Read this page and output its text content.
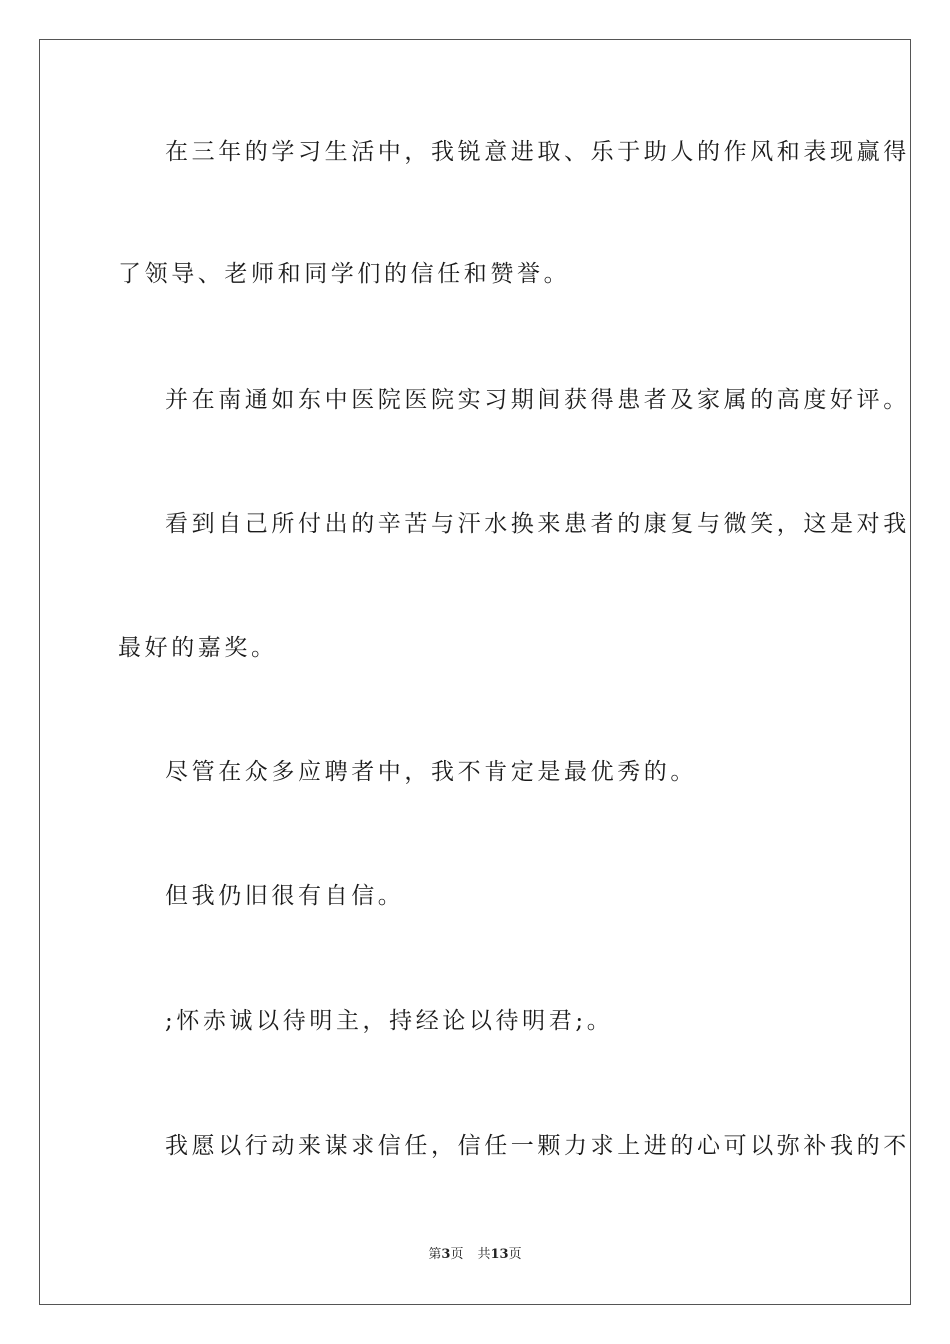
在三年的学习生活中，我锐意进取、乐于助人的作风和表现赢得
了领导、老师和同学们的信任和赞誉。
并在南通如东中医院医院实习期间获得患者及家属的高度好评。
看到自己所付出的辛苦与汗水换来患者的康复与微笑，这是对我
最好的嘉奖。
尽管在众多应聘者中，我不肯定是最优秀的。
但我仍旧很有自信。
;怀赤诚以待明主，持经论以待明君;。
我愿以行动来谋求信任，信任一颗力求上进的心可以弥补我的不
第3页 共13页
